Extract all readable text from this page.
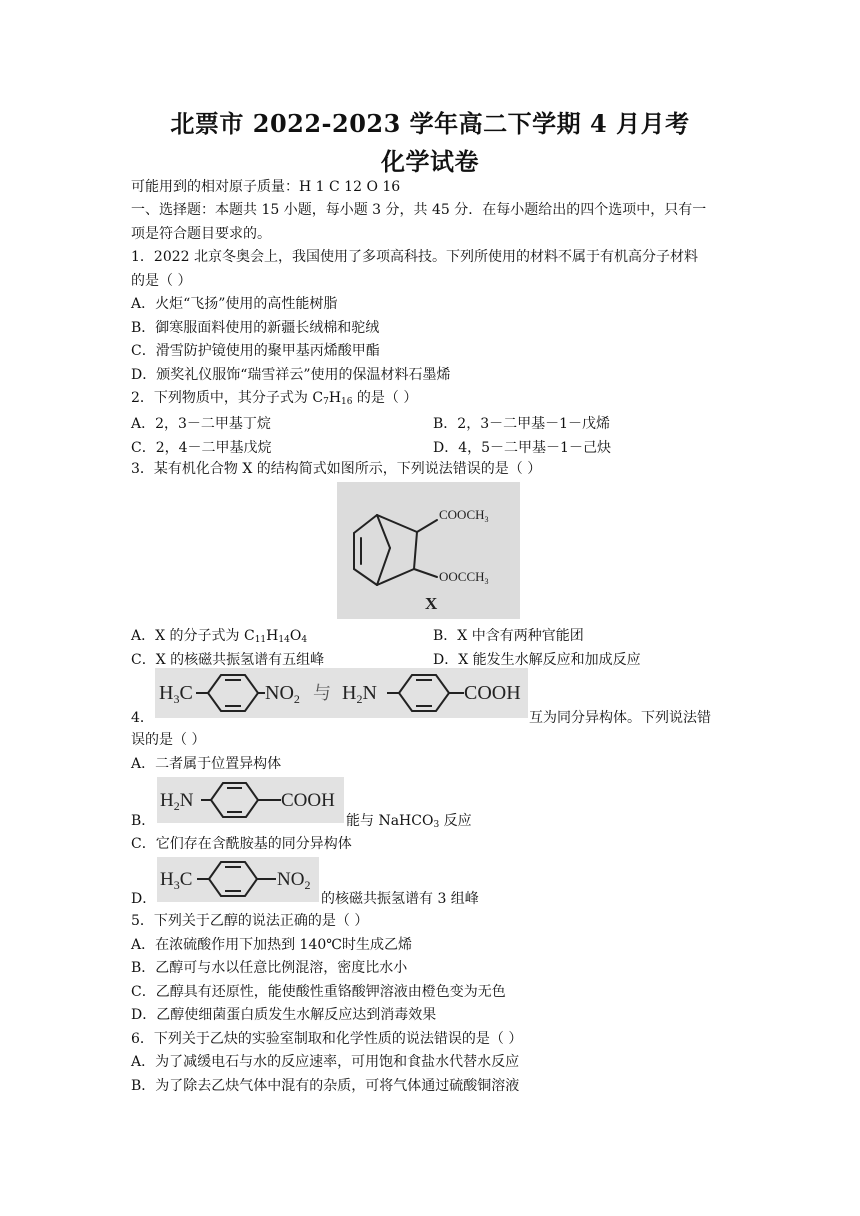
北票市 2022-2023 学年高二下学期 4 月月考
化学试卷
可能用到的相对原子质量：H 1 C 12 O 16
一、选择题：本题共 15 小题，每小题 3 分，共 45 分．在每小题给出的四个选项中，只有一
项是符合题目要求的。
1．2022 北京冬奥会上，我国使用了多项高科技。下列所使用的材料不属于有机高分子材料
的是（ ）
A．火炬“飞扬”使用的高性能树脂
B．御寒服面料使用的新疆长绒棉和驼绒
C．滑雪防护镜使用的聚甲基丙烯酸甲酯
D．颁奖礼仪服饰“瑞雪祥云”使用的保温材料石墨烯
2．下列物质中，其分子式为 $C_7H_{16}$ 的是（ ）
A．2，3－二甲基丁烷	B．2，3－二甲基－1－戊烯
C．2，4－二甲基戊烷	D．4，5－二甲基－1－己炔
3．某有机化合物 X 的结构简式如图所示，下列说法错误的是（ ）
$COOCH_3$
$OOCCH_3$
X
A．X 的分子式为 $C_{11}H_{14}O_4$	B．X 中含有两种官能团
C．X 的核磁共振氢谱有五组峰	D．X 能发生水解反应和加成反应
4．
$H_3C$	$NO_2$ 与 $H_2N$	COOH
互为同分异构体。下列说法错
误的是（ ）
A．二者属于位置异构体
B．
$H_2N$	COOH
能与 NaHCO$_3$ 反应
C．它们存在含酰胺基的同分异构体
D．
$H_3C$	$NO_2$
的核磁共振氢谱有 3 组峰
5．下列关于乙醇的说法正确的是（ ）
A．在浓硫酸作用下加热到 140℃时生成乙烯
B．乙醇可与水以任意比例混溶，密度比水小
C．乙醇具有还原性，能使酸性重铬酸钾溶液由橙色变为无色
D．乙醇使细菌蛋白质发生水解反应达到消毒效果
6．下列关于乙炔的实验室制取和化学性质的说法错误的是（ ）
A．为了减缓电石与水的反应速率，可用饱和食盐水代替水反应
B．为了除去乙炔气体中混有的杂质，可将气体通过硫酸铜溶液
